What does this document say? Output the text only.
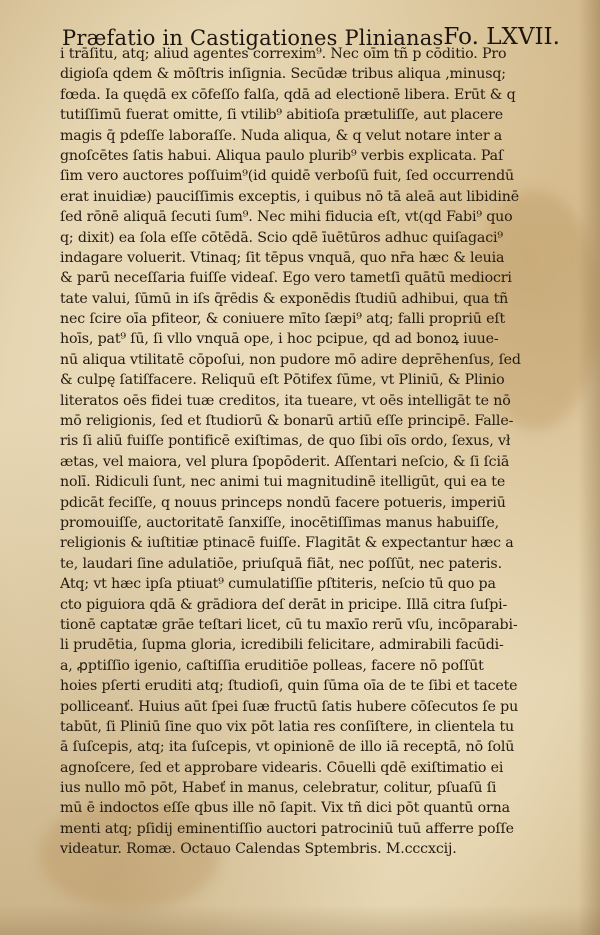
Præfatio in Castigationes Plinianas Fo. LXVII.
i trāſitu, atq; aliud agentes correxim⁹. Nec oīm tñ p cōditio. Pro
digioſa qdem & mōſtris inſignia. Secūdæ tribus aliqua ,minusq;
fœda. Ia quędā ex cōfeſſo falſa, qdā ad electionē libera. Erūt & q
tutiſſimū fuerat omitte, ſi vtilib⁹ abitioſa prætuliſſe, aut placere
magis q̄ pdeſſe laboraſſe. Nuda aliqua, & q velut notare inter a
gnoſcētes ſatis habui. Aliqua paulo plurib⁹ verbis explicata. Paſ
ſim vero auctores poſſuim⁹(id quidē verboſū fuit, ſed occurrendū
erat inuidiæ) pauciſſimis exceptis, i quibus nō tā aleā aut libidinē
ſed rōnē aliquā ſecuti ſum⁹. Nec mihi fiducia eſt, vt(qd Fabi⁹ quo
q; dixit) ea ſola eſſe cōtēdā. Scio qdē īuētūros adhuc quiſagaci⁹
indagare voluerit. Vtinaq; ſit tēpus vnquā, quo nr̄a hæc & leuia
& parū neceſſaria fuiſſe videaſ. Ego vero tametſi quātū mediocri
tate valui, ſūmū in iſs q̄rēdis & exponēdis ſtudiū adhibui, qua tñ
nec ſcire oīa pfiteor, & coniuere mīto ſæpi⁹ atq; falli propriū eſt
hoīs, pat⁹ ſū, ſi vllo vnquā ope, i hoc pcipue, qd ad bonoꝝ iuue-
nū aliqua vtilitatē cōpoſui, non pudore mō adire deprēhenſus, ſed
& culpę ſatiſfacere. Reliquū eſt Pōtifex ſūme, vt Pliniū, & Plinio
literatos oēs fidei tuæ creditos, ita tueare, vt oēs intelligāt te nō
mō religionis, ſed et ſtudiorū & bonarū artiū eſſe principē. Falle-
ris ſi aliū fuiſſe pontificē exiſtimas, de quo ſibi oīs ordo, ſexus, vł
ætas, vel maiora, vel plura ſpopōderit. Aſſentari neſcio, & ſi ſciā
nolī. Ridiculi ſunt, nec animi tui magnitudinē itelligūt, qui ea te
pdicāt feciſſe, q nouus princeps nondū facere potueris, imperiū
promouiſſe, auctoritatē ſanxiſſe, inocētiſſimas manus habuiſſe,
religionis & iuſtitiæ ptinacē fuiſſe. Flagitāt & expectantur hæc a
te, laudari ſine adulatiōe, priuſquā fiāt, nec poſſūt, nec pateris.
Atq; vt hæc ipſa ptiuat⁹ cumulatiſſie pſtiteris, neſcio tū quo pa
cto piguiora qdā & grādiora deſ derāt in pricipe. Illā citra ſuſpi-
tionē captatæ grāe teſtari licet, cū tu maxīo rerū vſu, incōparabi-
li prudētia, ſupma gloria, icredibili felicitare, admirabili facūdi-
a, ꝓptiſſio igenio, caſtiſſia eruditiōe polleas, facere nō poſſūt
hoies pſerti eruditi atq; ſtudioſi, quin ſūma oīa de te ſibi et tacete
polliceanť. Huius aūt ſpei ſuæ fructū ſatis hubere cōſecutos ſe pu
tabūt, ſi Pliniū ſine quo vix pōt latia res conſiſtere, in clientela tu
ā ſuſcepis, atq; ita ſuſcepis, vt opinionē de illo iā receptā, nō ſolū
agnoſcere, ſed et approbare videaris. Cōuelli qdē exiſtimatio ei
ius nullo mō pōt, Habeť in manus, celebratur, colitur, pſuaſū ſi
mū ē indoctos eſſe qbus ille nō ſapit. Vix tñ dici pōt quantū orna
menti atq; pſidij eminentiſſio auctori patrociniū tuū afferre poſſe
videatur. Romæ. Octauo Calendas Sptembris. M.cccxcij.
